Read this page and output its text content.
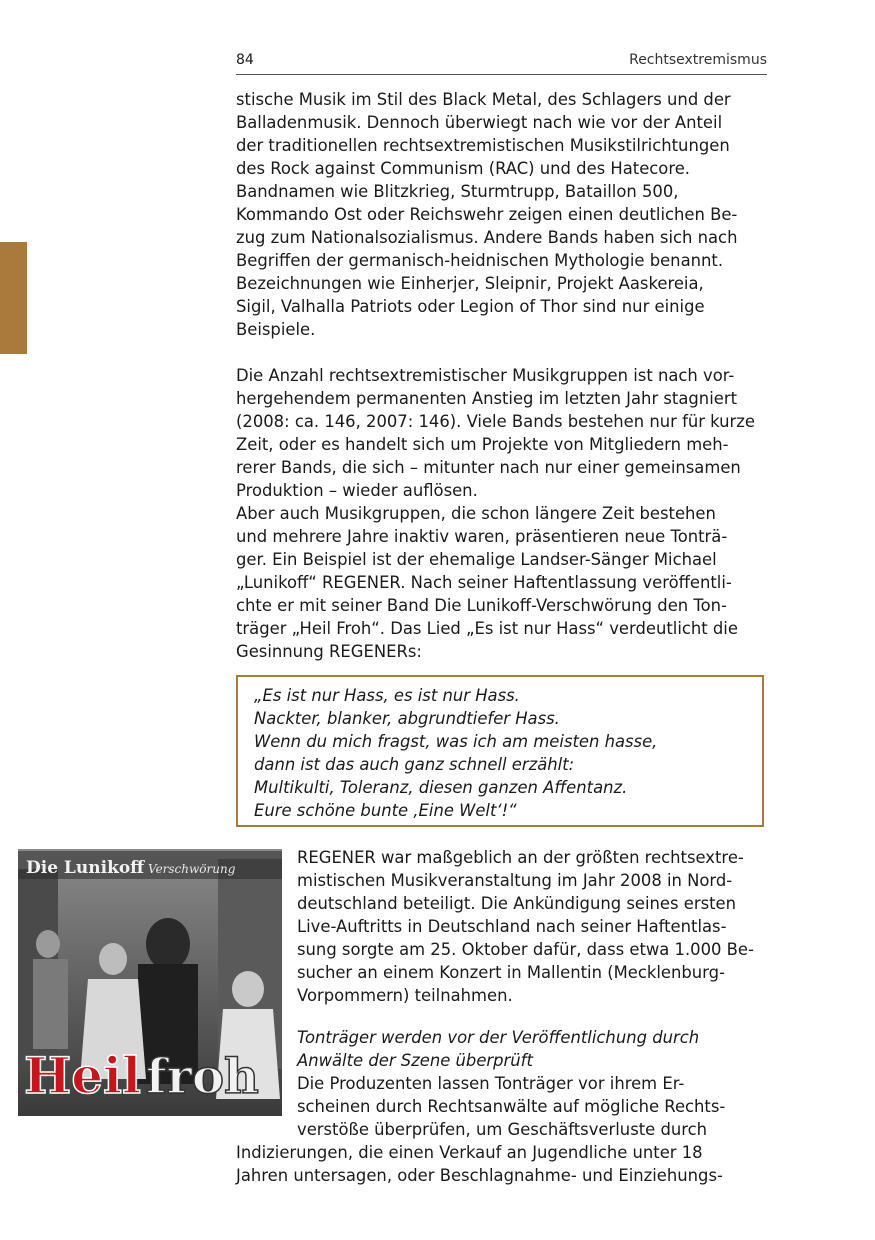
84	Rechtsextremismus

stische Musik im Stil des Black Metal, des Schlagers und der
Balladenmusik. Dennoch überwiegt nach wie vor der Anteil
der traditionellen rechtsextremistischen Musikstilrichtungen
des Rock against Communism (RAC) und des Hatecore.

Bandnamen wie Blitzkrieg, Sturmtrupp, Bataillon 500,
Kommando Ost oder Reichswehr zeigen einen deutlichen Be-
zug zum Nationalsozialismus. Andere Bands haben sich nach
Begriffen der germanisch-heidnischen Mythologie benannt.
Bezeichnungen wie Einherjer, Sleipnir, Projekt Aaskereia,
Sigil, Valhalla Patriots oder Legion of Thor sind nur einige
Beispiele.

Die Anzahl rechtsextremistischer Musikgruppen ist nach vor-
hergehendem permanenten Anstieg im letzten Jahr stagniert
(2008: ca. 146, 2007: 146). Viele Bands bestehen nur für kurze
Zeit, oder es handelt sich um Projekte von Mitgliedern meh-
rerer Bands, die sich – mitunter nach nur einer gemeinsamen
Produktion – wieder auflösen.

Aber auch Musikgruppen, die schon längere Zeit bestehen
und mehrere Jahre inaktiv waren, präsentieren neue Tonträ-
ger. Ein Beispiel ist der ehemalige Landser-Sänger Michael
„Lunikoff“ REGENER. Nach seiner Haftentlassung veröffentli-
chte er mit seiner Band Die Lunikoff-Verschwörung den Ton-
träger „Heil Froh“. Das Lied „Es ist nur Hass“ verdeutlicht die
Gesinnung REGENERs:

„Es ist nur Hass, es ist nur Hass.
Nackter, blanker, abgrundtiefer Hass.
Wenn du mich fragst, was ich am meisten hasse,
dann ist das auch ganz schnell erzählt:
Multikulti, Toleranz, diesen ganzen Affentanz.
Eure schöne bunte ‚Eine Welt‘!“

Die Lunikoff Verschwörung
Heil froh

REGENER war maßgeblich an der größten rechtsextre-
mistischen Musikveranstaltung im Jahr 2008 in Nord-
deutschland beteiligt. Die Ankündigung seines ersten
Live-Auftritts in Deutschland nach seiner Haftentlas-
sung sorgte am 25. Oktober dafür, dass etwa 1.000 Be-
sucher an einem Konzert in Mallentin (Mecklenburg-
Vorpommern) teilnahmen.

Tonträger werden vor der Veröffentlichung durch
Anwälte der Szene überprüft

Die Produzenten lassen Tonträger vor ihrem Er-
scheinen durch Rechtsanwälte auf mögliche Rechts-
verstöße überprüfen, um Geschäftsverluste durch

Indizierungen, die einen Verkauf an Jugendliche unter 18
Jahren untersagen, oder Beschlagnahme- und Einziehungs-
